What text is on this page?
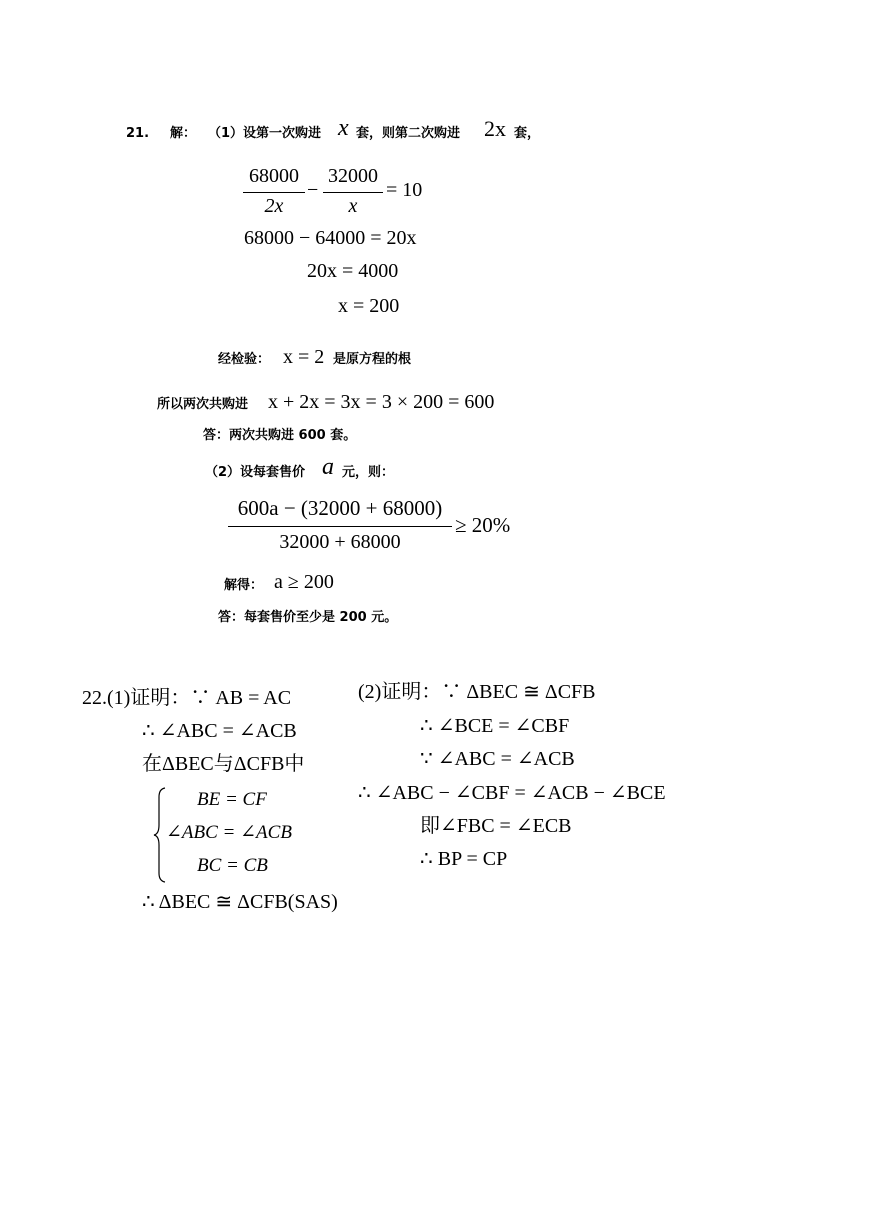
21. 解： （1）设第一次购进 x 套，则第二次购进 2x 套，
68000
2x
−
32000
x
= 10
68000 − 64000 = 20x
20x = 4000
x = 200
经检验： x = 2 是原方程的根
所以两次共购进 x + 2x = 3x = 3 × 200 = 600
答：两次共购进 600 套。
（2）设每套售价 a 元，则：
600a − (32000 + 68000)
32000 + 68000
≥ 20%
解得： a ≥ 200
答：每套售价至少是 200 元。
22.(1)证明：∵ AB = AC
∴ ∠ABC = ∠ACB
在ΔBEC与ΔCFB中
BE = CF
∠ABC = ∠ACB
BC = CB
∴ ΔBEC ≅ ΔCFB(SAS)
(2)证明：∵ ΔBEC ≅ ΔCFB
∴ ∠BCE = ∠CBF
∵ ∠ABC = ∠ACB
∴ ∠ABC − ∠CBF = ∠ACB − ∠BCE
即∠FBC = ∠ECB
∴ BP = CP
